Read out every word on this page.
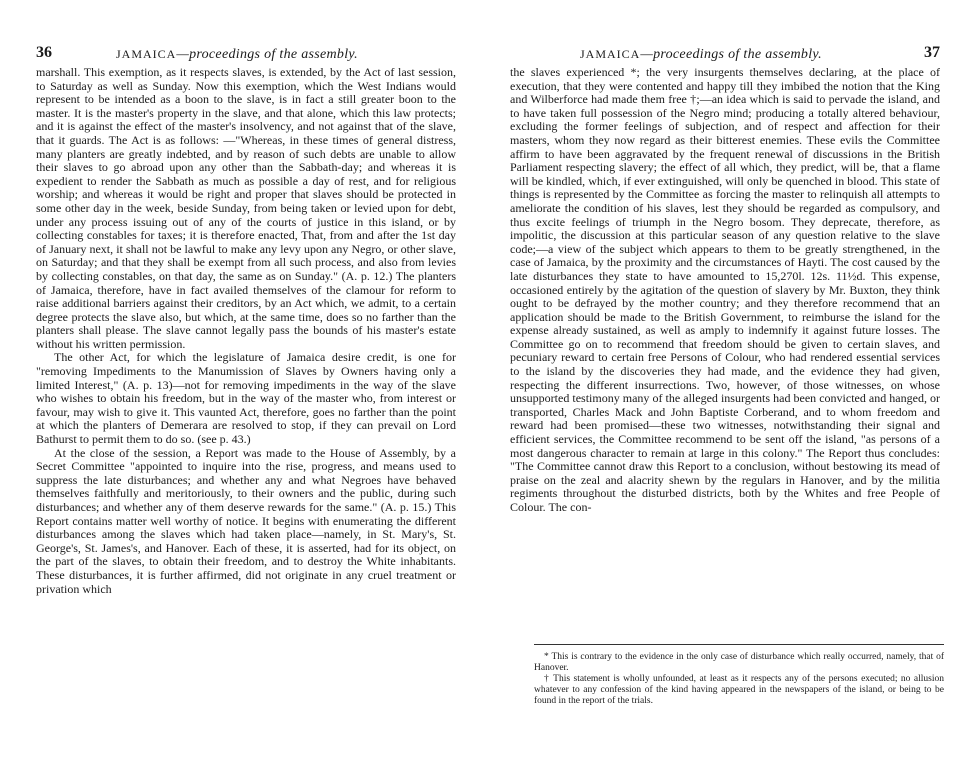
36	JAMAICA—proceedings of the assembly.

marshall. This exemption, as it respects slaves, is extended, by the Act of last session, to Saturday as well as Sunday. Now this exemption, which the West Indians would represent to be intended as a boon to the slave, is in fact a still greater boon to the master. It is the master's property in the slave, and that alone, which this law protects; and it is against the effect of the master's insolvency, and not against that of the slave, that it guards. The Act is as follows: —"Whereas, in these times of general distress, many planters are greatly indebted, and by reason of such debts are unable to allow their slaves to go abroad upon any other than the Sabbath-day; and whereas it is expedient to render the Sabbath as much as possible a day of rest, and for religious worship; and whereas it would be right and proper that slaves should be protected in some other day in the week, beside Sunday, from being taken or levied upon for debt, under any process issuing out of any of the courts of justice in this island, or by collecting constables for taxes; it is therefore enacted, That, from and after the 1st day of January next, it shall not be lawful to make any levy upon any Negro, or other slave, on Saturday; and that they shall be exempt from all such process, and also from levies by collecting constables, on that day, the same as on Sunday." (A. p. 12.) The planters of Jamaica, therefore, have in fact availed themselves of the clamour for reform to raise additional barriers against their creditors, by an Act which, we admit, to a certain degree protects the slave also, but which, at the same time, does so no farther than the planters shall please. The slave cannot legally pass the bounds of his master's estate without his written permission.

The other Act, for which the legislature of Jamaica desire credit, is one for "removing Impediments to the Manumission of Slaves by Owners having only a limited Interest," (A. p. 13)—not for removing impediments in the way of the slave who wishes to obtain his freedom, but in the way of the master who, from interest or favour, may wish to give it. This vaunted Act, therefore, goes no farther than the point at which the planters of Demerara are resolved to stop, if they can prevail on Lord Bathurst to permit them to do so. (see p. 43.)

At the close of the session, a Report was made to the House of Assembly, by a Secret Committee "appointed to inquire into the rise, progress, and means used to suppress the late disturbances; and whether any and what Negroes have behaved themselves faithfully and meritoriously, to their owners and the public, during such disturbances; and whether any of them deserve rewards for the same." (A. p. 15.) This Report contains matter well worthy of notice. It begins with enumerating the different disturbances among the slaves which had taken place—namely, in St. Mary's, St. George's, St. James's, and Hanover. Each of these, it is asserted, had for its object, on the part of the slaves, to obtain their freedom, and to destroy the White inhabitants. These disturbances, it is further affirmed, did not originate in any cruel treatment or privation which

JAMAICA—proceedings of the assembly.	37

the slaves experienced *; the very insurgents themselves declaring, at the place of execution, that they were contented and happy till they imbibed the notion that the King and Wilberforce had made them free †;—an idea which is said to pervade the island, and to have taken full possession of the Negro mind; producing a totally altered behaviour, excluding the former feelings of subjection, and of respect and affection for their masters, whom they now regard as their bitterest enemies. These evils the Committee affirm to have been aggravated by the frequent renewal of discussions in the British Parliament respecting slavery; the effect of all which, they predict, will be, that a flame will be kindled, which, if ever extinguished, will only be quenched in blood. This state of things is represented by the Committee as forcing the master to relinquish all attempts to ameliorate the condition of his slaves, lest they should be regarded as compulsory, and thus excite feelings of triumph in the Negro bosom. They deprecate, therefore, as impolitic, the discussion at this particular season of any question relative to the slave code;—a view of the subject which appears to them to be greatly strengthened, in the case of Jamaica, by the proximity and the circumstances of Hayti. The cost caused by the late disturbances they state to have amounted to 15,270l. 12s. 11½d. This expense, occasioned entirely by the agitation of the question of slavery by Mr. Buxton, they think ought to be defrayed by the mother country; and they therefore recommend that an application should be made to the British Government, to reimburse the island for the expense already sustained, as well as amply to indemnify it against future losses. The Committee go on to recommend that freedom should be given to certain slaves, and pecuniary reward to certain free Persons of Colour, who had rendered essential services to the island by the discoveries they had made, and the evidence they had given, respecting the different insurrections. Two, however, of those witnesses, on whose unsupported testimony many of the alleged insurgents had been convicted and hanged, or transported, Charles Mack and John Baptiste Corberand, and to whom freedom and reward had been promised—these two witnesses, notwithstanding their signal and efficient services, the Committee recommend to be sent off the island, "as persons of a most dangerous character to remain at large in this colony." The Report thus concludes: "The Committee cannot draw this Report to a conclusion, without bestowing its mead of praise on the zeal and alacrity shewn by the regulars in Hanover, and by the militia regiments throughout the disturbed districts, both by the Whites and free People of Colour. The con-

* This is contrary to the evidence in the only case of disturbance which really occurred, namely, that of Hanover.

† This statement is wholly unfounded, at least as it respects any of the persons executed; no allusion whatever to any confession of the kind having appeared in the newspapers of the island, or being to be found in the report of the trials.
